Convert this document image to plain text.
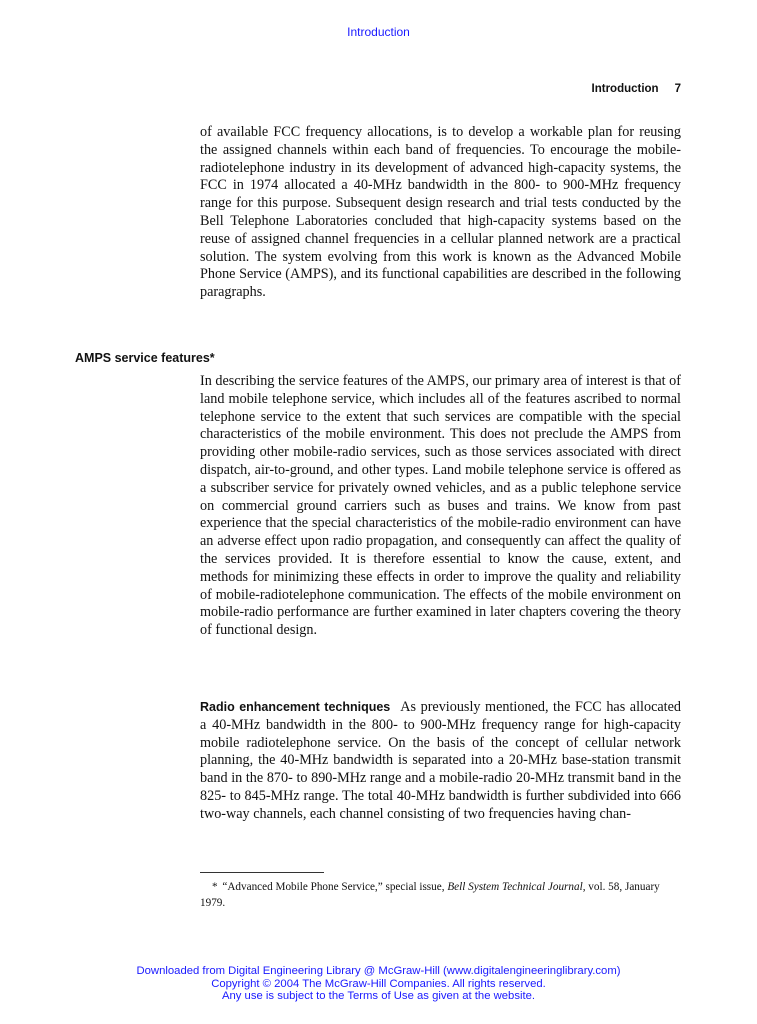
Introduction
Introduction 7

of available FCC frequency allocations, is to develop a workable plan for reusing the assigned channels within each band of frequencies. To encourage the mobile-radiotelephone industry in its development of advanced high-capacity systems, the FCC in 1974 allocated a 40-MHz bandwidth in the 800- to 900-MHz frequency range for this purpose. Subsequent design research and trial tests conducted by the Bell Telephone Laboratories concluded that high-capacity systems based on the reuse of assigned channel frequencies in a cellular planned network are a practical solution. The system evolving from this work is known as the Advanced Mobile Phone Service (AMPS), and its functional capabilities are described in the following paragraphs.

AMPS service features*

In describing the service features of the AMPS, our primary area of interest is that of land mobile telephone service, which includes all of the features ascribed to normal telephone service to the extent that such services are compatible with the special characteristics of the mobile environment. This does not preclude the AMPS from providing other mobile-radio services, such as those services associated with direct dispatch, air-to-ground, and other types. Land mobile telephone service is offered as a subscriber service for privately owned vehicles, and as a public telephone service on commercial ground carriers such as buses and trains. We know from past experience that the special characteristics of the mobile-radio environment can have an adverse effect upon radio propagation, and consequently can affect the quality of the services provided. It is therefore essential to know the cause, extent, and methods for minimizing these effects in order to improve the quality and reliability of mobile-radiotelephone communication. The effects of the mobile environment on mobile-radio performance are further examined in later chapters covering the theory of functional design.

Radio enhancement techniques As previously mentioned, the FCC has allocated a 40-MHz bandwidth in the 800- to 900-MHz frequency range for high-capacity mobile radiotelephone service. On the basis of the concept of cellular network planning, the 40-MHz bandwidth is separated into a 20-MHz base-station transmit band in the 870- to 890-MHz range and a mobile-radio 20-MHz transmit band in the 825- to 845-MHz range. The total 40-MHz bandwidth is further subdivided into 666 two-way channels, each channel consisting of two frequencies having chan-

* “Advanced Mobile Phone Service,” special issue, Bell System Technical Journal, vol. 58, January 1979.

Downloaded from Digital Engineering Library @ McGraw-Hill (www.digitalengineeringlibrary.com)
Copyright © 2004 The McGraw-Hill Companies. All rights reserved.
Any use is subject to the Terms of Use as given at the website.
